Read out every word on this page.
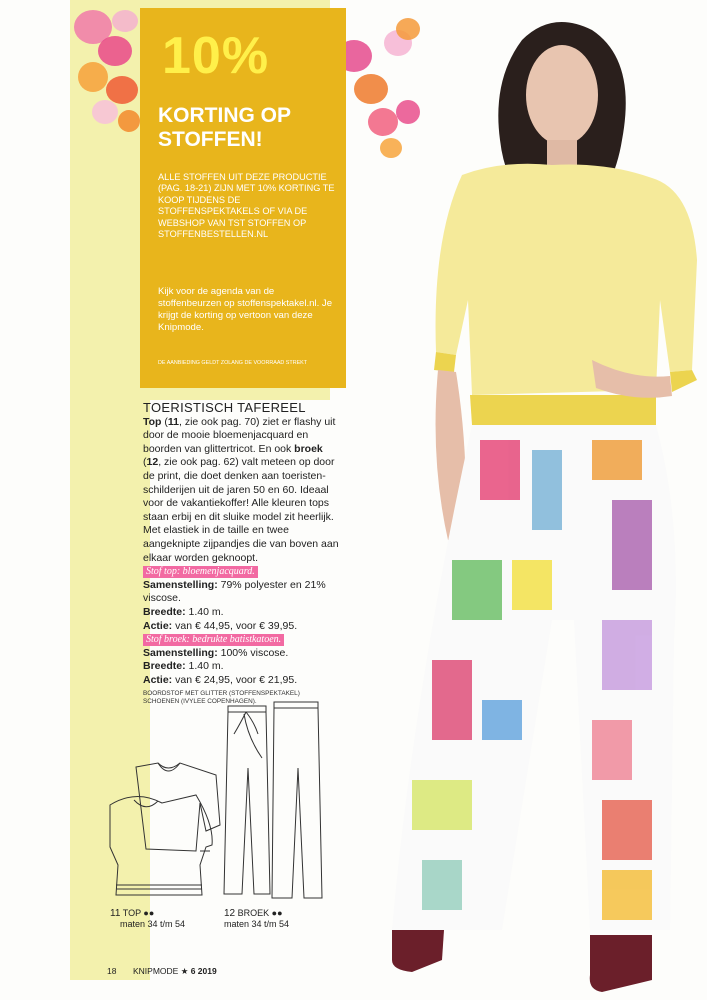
10%
KORTING OP
STOFFEN!
ALLE STOFFEN UIT DEZE PRODUCTIE (PAG. 18-21) ZIJN MET 10% KORTING TE KOOP TIJDENS DE STOFFENSPEKTAKELS OF VIA DE WEBSHOP VAN TST STOFFEN OP STOFFENBESTELLEN.NL
Kijk voor de agenda van de stoffenbeurzen op stoffenspektakel.nl. Je krijgt de korting op vertoon van deze Knipmode.
DE AANBIEDING GELDT ZOLANG DE VOORRAAD STREKT
TOERISTISCH TAFEREEL
Top (11, zie ook pag. 70) ziet er flashy uit door de mooie bloemenjacquard en boorden van glittertricot. En ook broek (12, zie ook pag. 62) valt meteen op door de print, die doet denken aan toeristen-schilderijen uit de jaren 50 en 60. Ideaal voor de vakantiekoffer! Alle kleuren tops staan erbij en dit sluike model zit heerlijk. Met elastiek in de taille en twee aangeknipte zijpandjes die van boven aan elkaar worden geknoopt.
Stof top: bloemenjacquard.
Samenstelling: 79% polyester en 21% viscose.
Breedte: 1.40 m.
Actie: van € 44,95, voor € 39,95.
Stof broek: bedrukte batistkatoen.
Samenstelling: 100% viscose.
Breedte: 1.40 m.
Actie: van € 24,95, voor € 21,95.
BOORDSTOF MET GLITTER (STOFFENSPEKTAKEL)
SCHOENEN (IVYLEE COPENHAGEN).
11 TOP ●●
maten 34 t/m 54
12 BROEK ●●
maten 34 t/m 54
18 KNIPMODE ★ 6 2019
